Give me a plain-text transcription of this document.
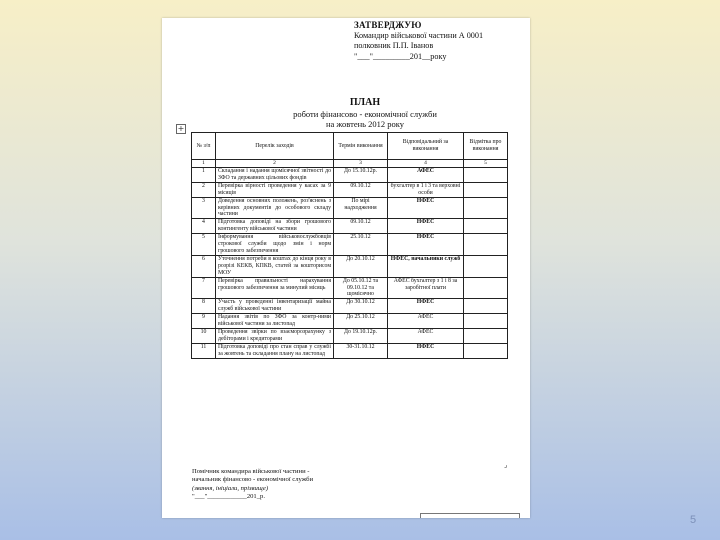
ЗАТВЕРДЖУЮ
Командир військової частини А 0001
полковник П.П. Іванов
"___"_________201__року
ПЛАН
роботи фінансово - економічної служби
на жовтень 2012 року
+
№ з/п	Перелік заходів	Термін виконання	Відповідальний за виконання	Відмітка про виконання
1	2	3	4	5
1	Складання і надання щомісячної звітності до ЗФО та державних цільових фондів	До 15.10.12р.	АФЕС	
2	Перевірка вірності проведення у касах за 9 місяців	09.10.12	бухгалтер в 1 і 3 та верховні особи	
3	Доведення основних положень, роз'яснень з керівних документів до особового складу частини	По мірі надходження	НФЕС	
4	Підготовка доповіді на збори грошового контингенту військової частини	09.10.12	НФЕС	
5	Інформування військовослужбовців строкової служби щодо змін і норм грошового забезпечення	25.10.12	НФЕС	
6	Уточнення потреби в коштах до кінця року в розрізі КЕКВ, КПКВ, статей за кошторисом МОУ	До 20.10.12	НФЕС, начальники служб	
7	Перевірка правильності нарахування грошового забезпечення за минулий місяць	До 05.10.12 та 09.10.12 та щомісячно	АФЕС бухгалтер з 1 і 8 за заробітної плати	
8	Участь у проведенні інвентаризації майна служб військової частини	До 30.10.12	НФЕС	
9	Надання звітів по ЗФО за контр-ними військової частини за листопад	До 25.10.12	АФЕС	
10	Проведення звірки по взаєморозрахунку з дебіторами і кредиторами	До 19.10.12р.	АФЕС	
11	Підготовка доповіді про стан справ у службі за жовтень та складання плану на листопад	30-31.10.12	НФЕС	
⌟
Помічник командира військової частини -
начальник фінансово - економічної служби
(звання, ініціали, прізвище)
"___"____________201_р.
5
